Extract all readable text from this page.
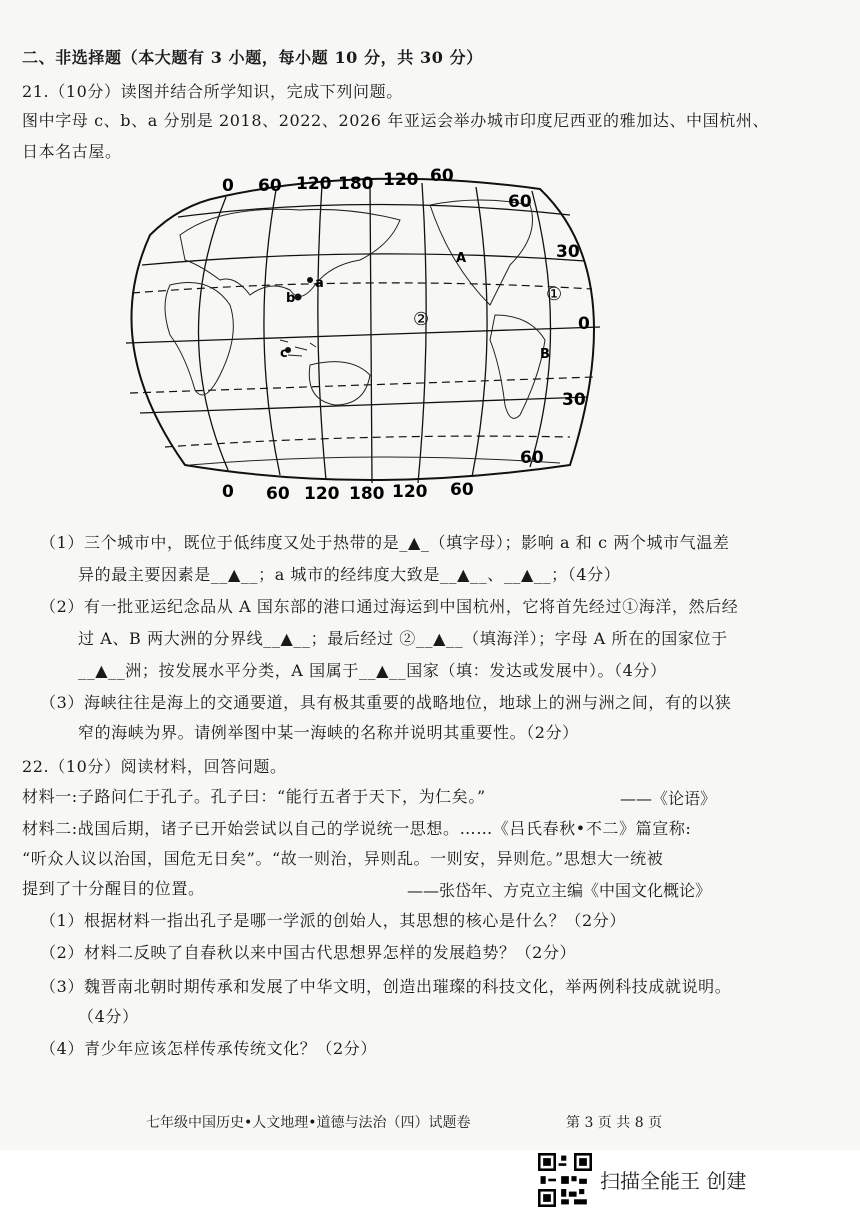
二、非选择题（本大题有 3 小题，每小题 10 分，共 30 分）
21.（10分）读图并结合所学知识，完成下列问题。
图中字母 c、b、a 分别是 2018、2022、2026 年亚运会举办城市印度尼西亚的雅加达、中国杭州、
日本名古屋。
a
b
c
A
B
①
②
0 60 120 180 120 60
60
30
0
30
60
0 60 120 180 120 60
（1）三个城市中，既位于低纬度又处于热带的是_▲_（填字母）；影响 a 和 c 两个城市气温差
异的最主要因素是__▲__；a 城市的经纬度大致是__▲__、__▲__；（4分）
（2）有一批亚运纪念品从 A 国东部的港口通过海运到中国杭州，它将首先经过①海洋，然后经
过 A、B 两大洲的分界线__▲__；最后经过 ②__▲__（填海洋）；字母 A 所在的国家位于
__▲__洲；按发展水平分类，A 国属于__▲__国家（填：发达或发展中）。（4分）
（3）海峡往往是海上的交通要道，具有极其重要的战略地位，地球上的洲与洲之间，有的以狭
窄的海峡为界。请例举图中某一海峡的名称并说明其重要性。（2分）
22.（10分）阅读材料，回答问题。
材料一:子路问仁于孔子。孔子曰：“能行五者于天下，为仁矣。”	——《论语》
材料二:战国后期，诸子已开始尝试以自己的学说统一思想。……《吕氏春秋•不二》篇宣称:
“听众人议以治国，国危无日矣”。“故一则治，异则乱。一则安，异则危。”思想大一统被
提到了十分醒目的位置。	——张岱年、方克立主编《中国文化概论》
（1）根据材料一指出孔子是哪一学派的创始人，其思想的核心是什么？（2分）
（2）材料二反映了自春秋以来中国古代思想界怎样的发展趋势？（2分）
（3）魏晋南北朝时期传承和发展了中华文明，创造出璀璨的科技文化，举两例科技成就说明。
（4分）
（4）青少年应该怎样传承传统文化？（2分）
七年级中国历史•人文地理•道德与法治（四）试题卷	第 3 页 共 8 页
扫描全能王 创建
